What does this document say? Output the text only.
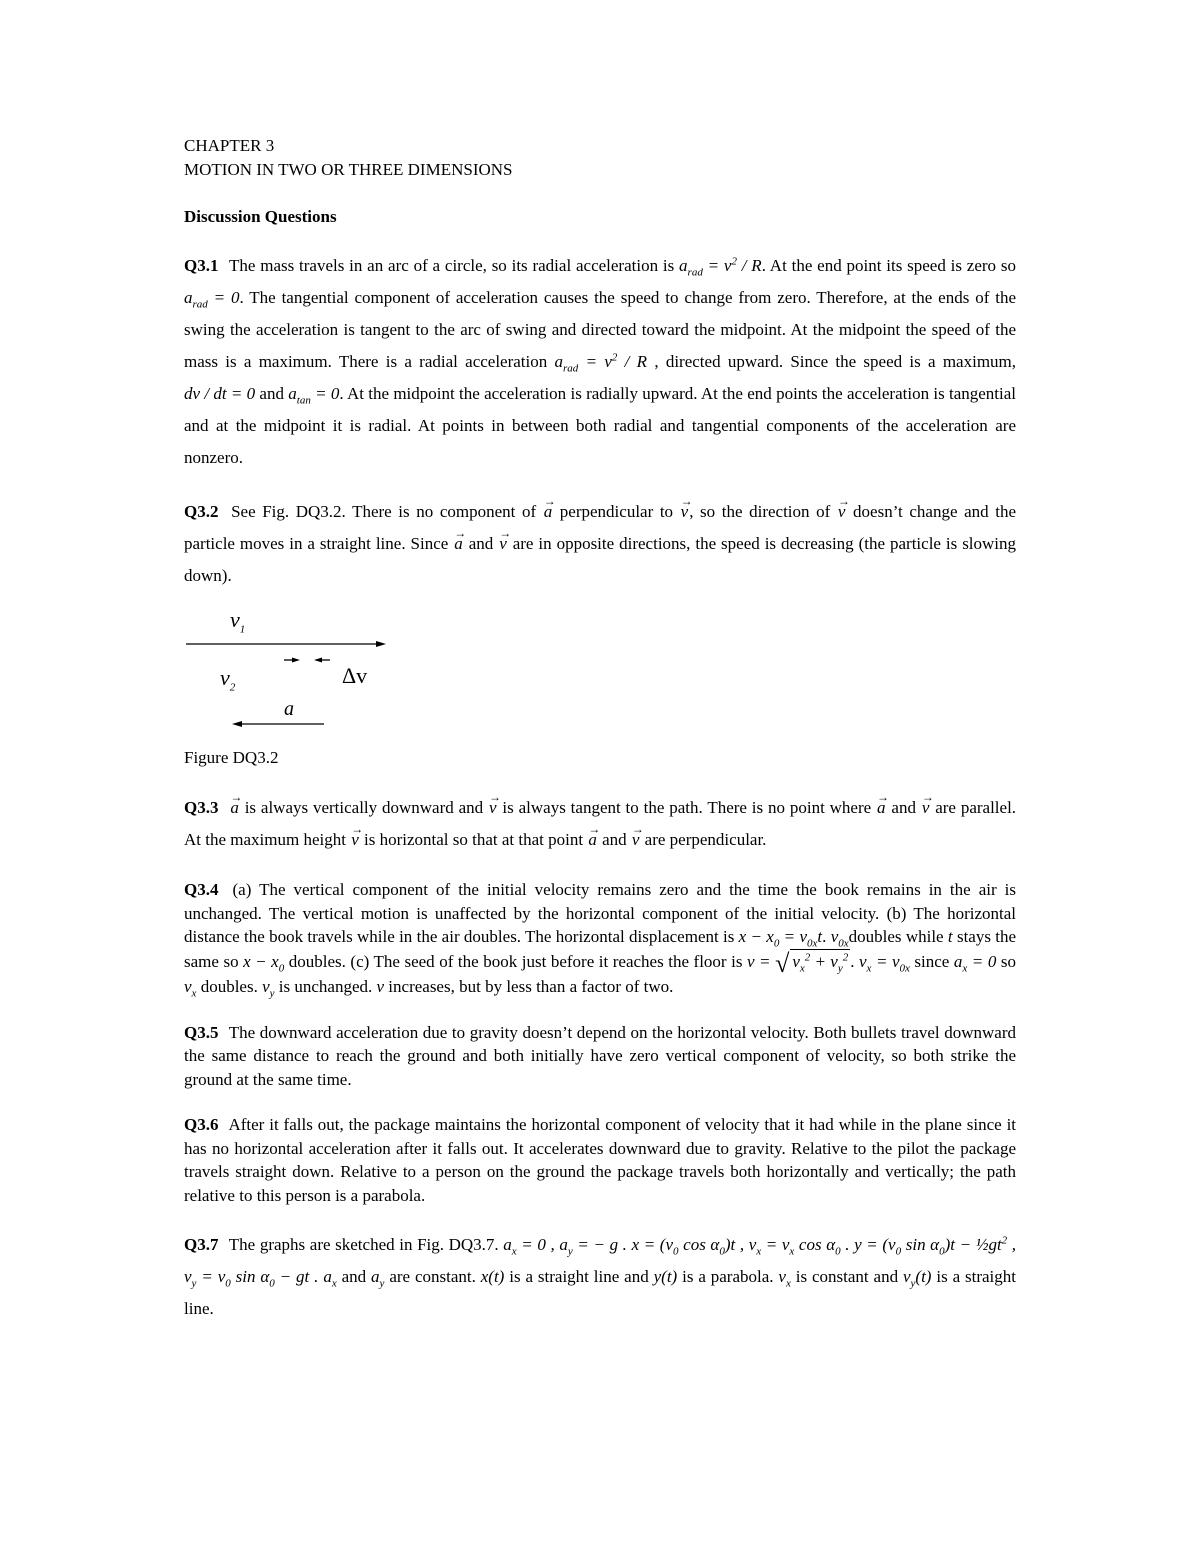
CHAPTER 3

MOTION IN TWO OR THREE DIMENSIONS

Discussion Questions

Q3.1 The mass travels in an arc of a circle, so its radial acceleration is $a_{rad} = v^2 / R$. At the end point its speed is zero so $a_{rad} = 0$. The tangential component of acceleration causes the speed to change from zero. Therefore, at the ends of the swing the acceleration is tangent to the arc of swing and directed toward the midpoint. At the midpoint the speed of the mass is a maximum. There is a radial acceleration $a_{rad} = v^2 / R$ , directed upward. Since the speed is a maximum, dv / dt = 0 and $a_{tan} = 0$. At the midpoint the acceleration is radially upward. At the end points the acceleration is tangential and at the midpoint it is radial. At points in between both radial and tangential components of the acceleration are nonzero.

Q3.2 See Fig. DQ3.2. There is no component of → a perpendicular to → v, so the direction of → v doesn’t change and the particle moves in a straight line. Since → a and → v are in opposite directions, the speed is decreasing (the particle is slowing down).

$v_1$
$v_2$	Δv
a

Figure DQ3.2

Q3.3 → a is always vertically downward and → v is always tangent to the path. There is no point where → a and → v are parallel. At the maximum height → v is horizontal so that at that point → a and → v are perpendicular.

Q3.4 (a) The vertical component of the initial velocity remains zero and the time the book remains in the air is unchanged. The vertical motion is unaffected by the horizontal component of the initial velocity. (b) The horizontal distance the book travels while in the air doubles. The horizontal displacement is $x - x_0 = v_{0x}t$. $v_{0x}doubles$ while t stays the same so $x - x_0$ doubles. (c) The seed of the book just before it reaches the floor is v = √ $v_x^2 + v_y^2$ . $v_x = v_{0x}$ since $a_x = 0$ so $v_x$ doubles. $v_y$ is unchanged. v increases, but by less than a factor of two.

Q3.5 The downward acceleration due to gravity doesn’t depend on the horizontal velocity. Both bullets travel downward the same distance to reach the ground and both initially have zero vertical component of velocity, so both strike the ground at the same time.

Q3.6 After it falls out, the package maintains the horizontal component of velocity that it had while in the plane since it has no horizontal acceleration after it falls out. It accelerates downward due to gravity. Relative to the pilot the package travels straight down. Relative to a person on the ground the package travels both horizontally and vertically; the path relative to this person is a parabola.

Q3.7 The graphs are sketched in Fig. DQ3.7. $a_x = 0$ , $a_y$ = − g . $x = (v_0$ $\cos \alpha_0)t$ , $v_x = v_x$ $\cos \alpha_0$ . $y = (v_0$ $\sin \alpha_0)t$ − $\frac{1}{2}gt^2$ , $v_y = v_0$ $\sin \alpha_0$ − gt . $a_x$ and $a_y$ are constant. x(t) is a straight line and y(t) is a parabola. $v_x$ is constant and $v_y(t)$ is a straight line.
